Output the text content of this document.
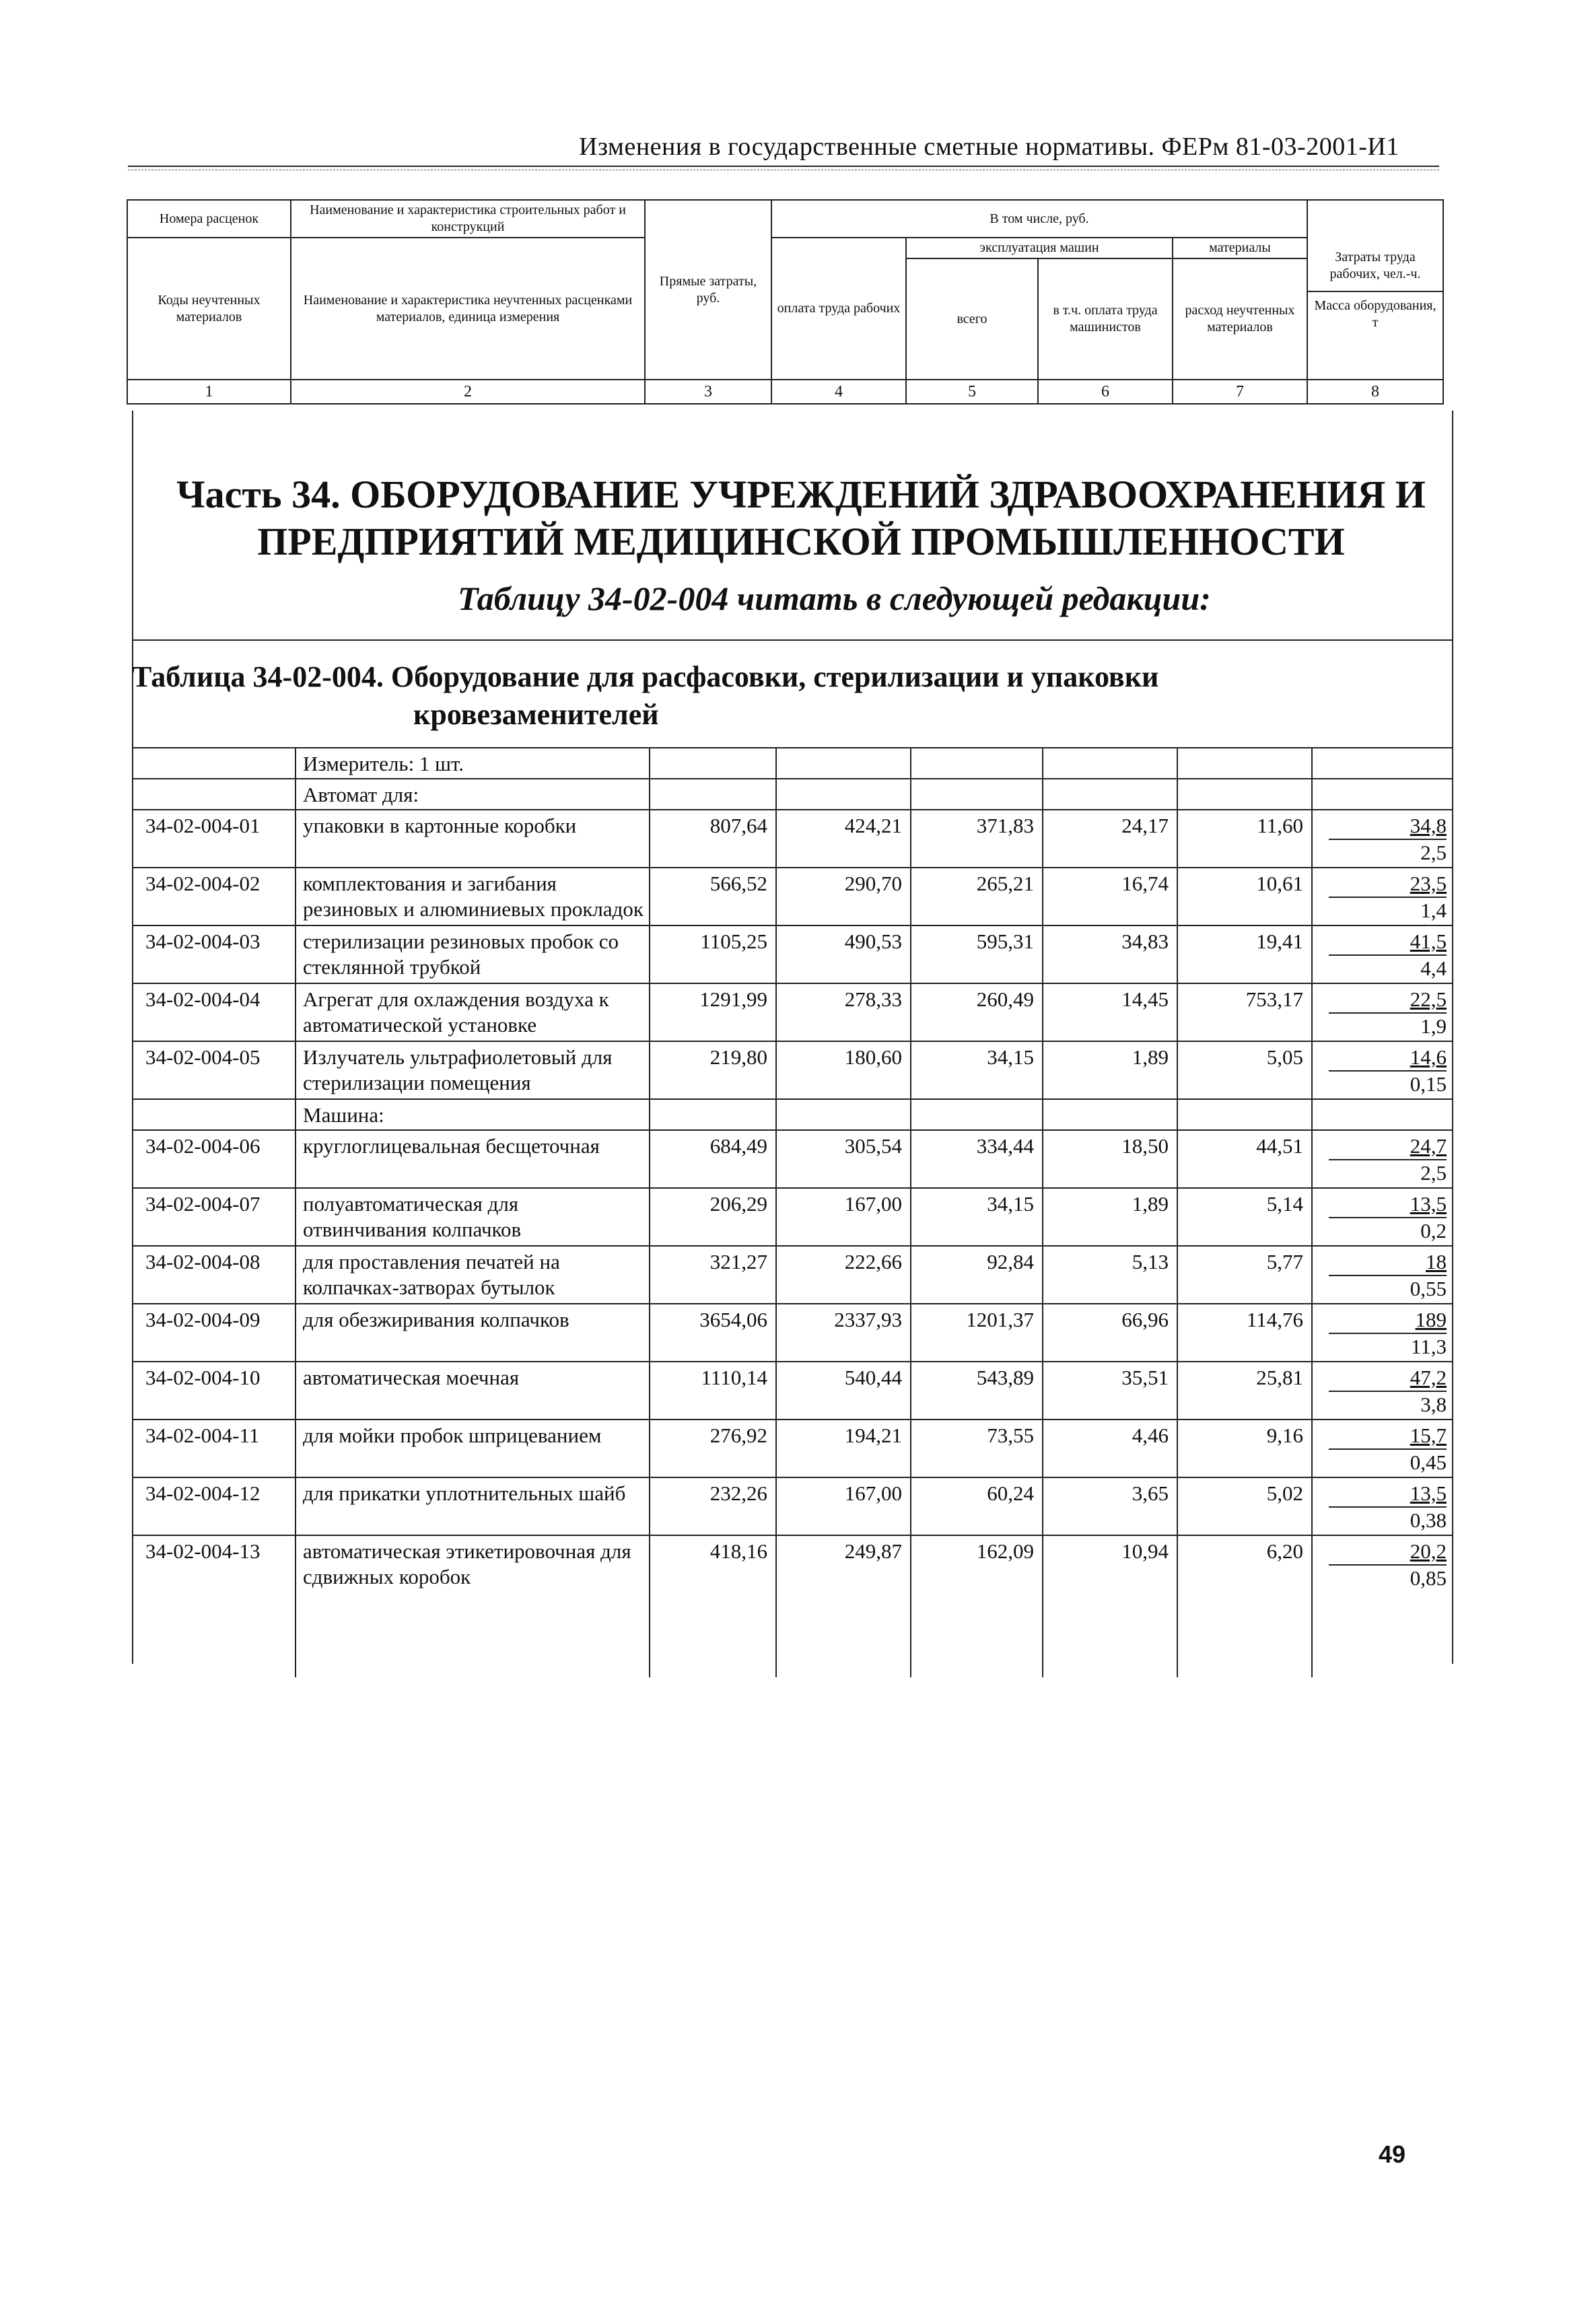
Изменения в государственные сметные нормативы. ФЕРм 81-03-2001-И1
Номера расценок	Наименование и характеристика строительных работ и конструкций	Прямые затраты, руб.	В том числе, руб.				Затраты труда рабочих, чел.-ч.
Масса оборудования, т

Коды неучтенных материалов	Наименование и характеристика неучтенных расценками материалов, единица измерения		оплата труда рабочих	эксплуатация машин		материалы	
				всего	в т.ч. оплата труда машинистов	расход неучтенных материалов	
1	2	3	4	5	6	7	8
Часть 34. ОБОРУДОВАНИЕ УЧРЕЖДЕНИЙ ЗДРАВООХРАНЕНИЯ И ПРЕДПРИЯТИЙ МЕДИЦИНСКОЙ ПРОМЫШЛЕННОСТИ
Таблицу 34-02-004 читать в следующей редакции:
Таблица 34-02-004. Оборудование для расфасовки, стерилизации и упаковки
кровезаменителей
	Измеритель: 1 шт.						
	Автомат для:						
34-02-004-01	упаковки в картонные коробки	807,64	424,21	371,83	24,17	11,60	34,8
2,5

34-02-004-02	комплектования и загибания резиновых и алюминиевых прокладок	566,52	290,70	265,21	16,74	10,61	23,5
1,4

34-02-004-03	стерилизации резиновых пробок со стеклянной трубкой	1105,25	490,53	595,31	34,83	19,41	41,5
4,4

34-02-004-04	Агрегат для охлаждения воздуха к автоматической установке	1291,99	278,33	260,49	14,45	753,17	22,5
1,9

34-02-004-05	Излучатель ультрафиолетовый для стерилизации помещения	219,80	180,60	34,15	1,89	5,05	14,6
0,15

	Машина:						
34-02-004-06	круглоглицевальная бесщеточная	684,49	305,54	334,44	18,50	44,51	24,7
2,5

34-02-004-07	полуавтоматическая для отвинчивания колпачков	206,29	167,00	34,15	1,89	5,14	13,5
0,2

34-02-004-08	для проставления печатей на колпачках-затворах бутылок	321,27	222,66	92,84	5,13	5,77	18
0,55

34-02-004-09	для обезжиривания колпачков	3654,06	2337,93	1201,37	66,96	114,76	189
11,3

34-02-004-10	автоматическая моечная	1110,14	540,44	543,89	35,51	25,81	47,2
3,8

34-02-004-11	для мойки пробок шприцеванием	276,92	194,21	73,55	4,46	9,16	15,7
0,45

34-02-004-12	для прикатки уплотнительных шайб	232,26	167,00	60,24	3,65	5,02	13,5
0,38

34-02-004-13	автоматическая этикетировочная для сдвижных коробок	418,16	249,87	162,09	10,94	6,20	20,2
0,85

49
